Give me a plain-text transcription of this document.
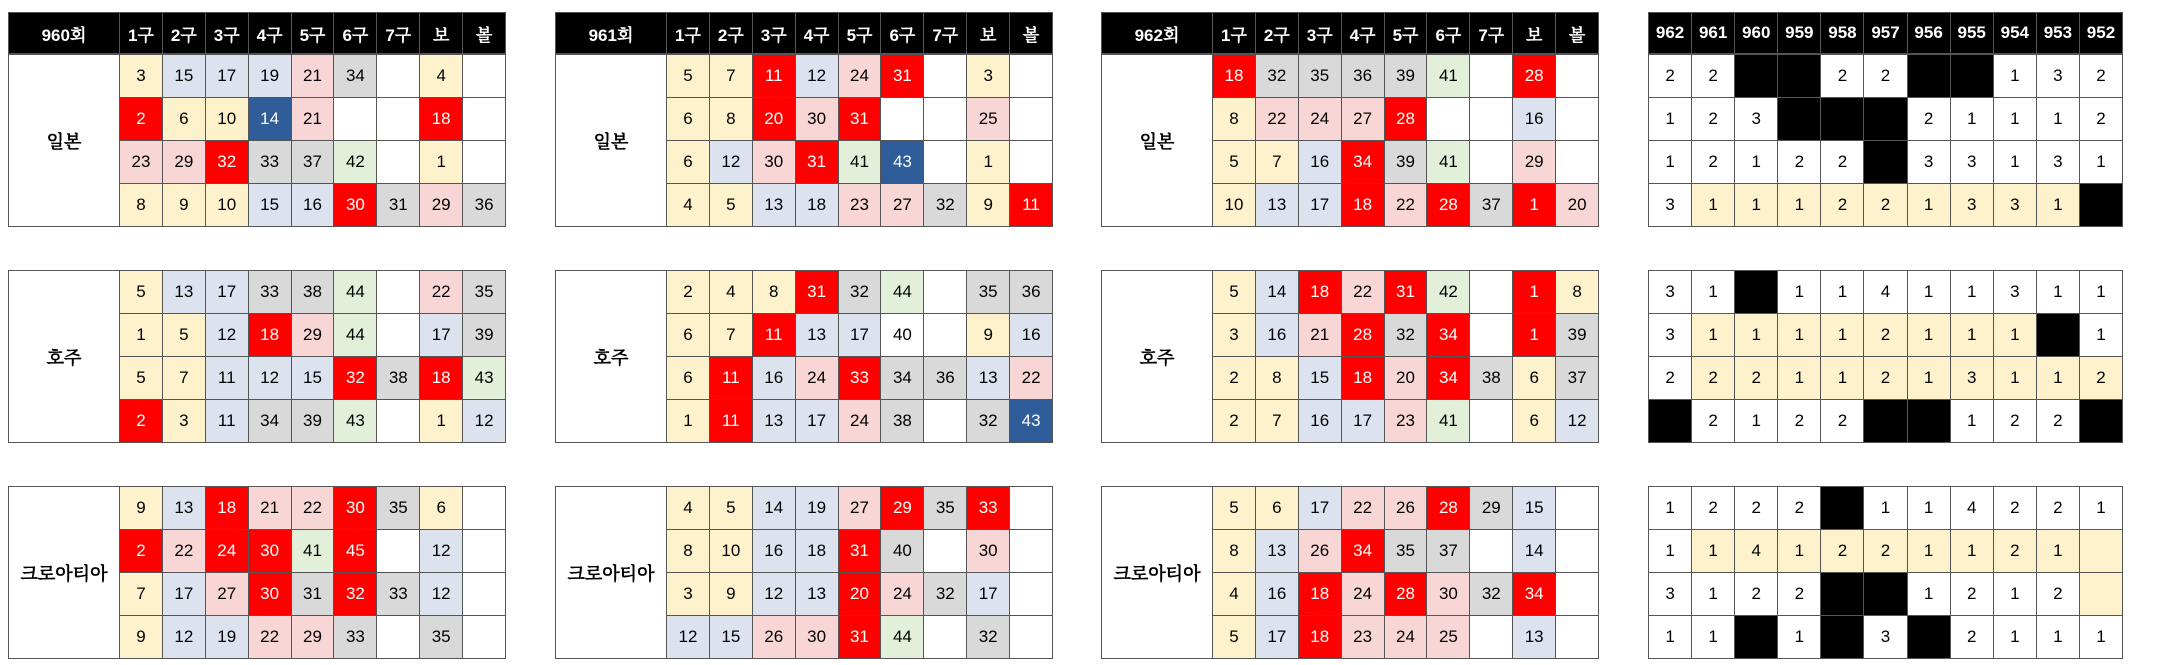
960회	1구	2구	3구	4구	5구	6구	7구	보	볼
일본	3	15	17	19	21	34		4	
	2	6	10	14	21			18	
	23	29	32	33	37	42		1	
	8	9	10	15	16	30	31	29	36
호주	5	13	17	33	38	44		22	35
	1	5	12	18	29	44		17	39
	5	7	11	12	15	32	38	18	43
	2	3	11	34	39	43		1	12
크로아티아	9	13	18	21	22	30	35	6	
	2	22	24	30	41	45		12	
	7	17	27	30	31	32	33	12	
	9	12	19	22	29	33		35	
961회	1구	2구	3구	4구	5구	6구	7구	보	볼
일본	5	7	11	12	24	31		3	
	6	8	20	30	31			25	
	6	12	30	31	41	43		1	
	4	5	13	18	23	27	32	9	11
호주	2	4	8	31	32	44		35	36
	6	7	11	13	17	40		9	16
	6	11	16	24	33	34	36	13	22
	1	11	13	17	24	38		32	43
크로아티아	4	5	14	19	27	29	35	33	
	8	10	16	18	31	40		30	
	3	9	12	13	20	24	32	17	
	12	15	26	30	31	44		32	
962회	1구	2구	3구	4구	5구	6구	7구	보	볼
일본	18	32	35	36	39	41		28	
	8	22	24	27	28			16	
	5	7	16	34	39	41		29	
	10	13	17	18	22	28	37	1	20
호주	5	14	18	22	31	42		1	8
	3	16	21	28	32	34		1	39
	2	8	15	18	20	34	38	6	37
	2	7	16	17	23	41		6	12
크로아티아	5	6	17	22	26	28	29	15	
	8	13	26	34	35	37		14	
	4	16	18	24	28	30	32	34	
	5	17	18	23	24	25		13	
962	961	960	959	958	957	956	955	954	953	952
2	2			2	2			1	3	2
1	2	3				2	1	1	1	2
1	2	1	2	2		3	3	1	3	1
3	1	1	1	2	2	1	3	3	1	
3	1		1	1	4	1	1	3	1	1
3	1	1	1	1	2	1	1	1		1
2	2	2	1	1	2	1	3	1	1	2
	2	1	2	2			1	2	2	
1	2	2	2		1	1	4	2	2	1
1	1	4	1	2	2	1	1	2	1	
3	1	2	2			1	2	1	2	
1	1		1		3		2	1	1	1
